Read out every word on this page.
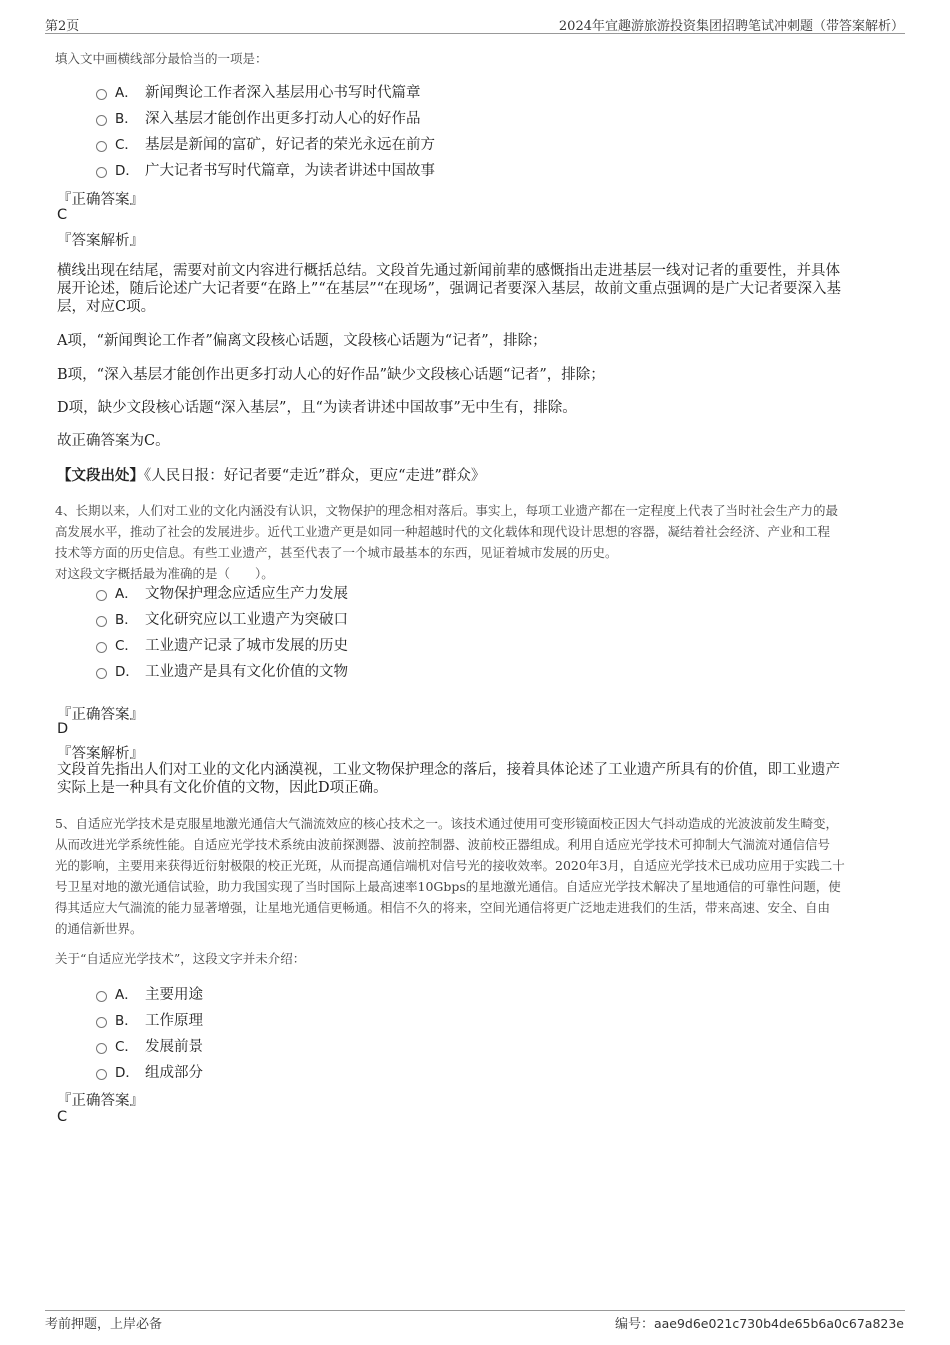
第2页	2024年宜趣游旅游投资集团招聘笔试冲刺题（带答案解析）
填入文中画横线部分最恰当的一项是：
A． 新闻舆论工作者深入基层用心书写时代篇章
B． 深入基层才能创作出更多打动人心的好作品
C． 基层是新闻的富矿，好记者的荣光永远在前方
D． 广大记者书写时代篇章，为读者讲述中国故事
『正确答案』
C
『答案解析』
横线出现在结尾，需要对前文内容进行概括总结。文段首先通过新闻前辈的感慨指出走进基层一线对记者的重要性，并具体
展开论述，随后论述广大记者要“在路上”“在基层”“在现场”，强调记者要深入基层，故前文重点强调的是广大记者要深入基
层，对应C项。
A项，“新闻舆论工作者”偏离文段核心话题，文段核心话题为“记者”，排除；
B项，“深入基层才能创作出更多打动人心的好作品”缺少文段核心话题“记者”，排除；
D项，缺少文段核心话题“深入基层”，且“为读者讲述中国故事”无中生有，排除。
故正确答案为C。
【文段出处】《人民日报：好记者要“走近”群众，更应“走进”群众》
4、长期以来，人们对工业的文化内涵没有认识，文物保护的理念相对落后。事实上，每项工业遗产都在一定程度上代表了当时社会生产力的最
高发展水平，推动了社会的发展进步。近代工业遗产更是如同一种超越时代的文化载体和现代设计思想的容器，凝结着社会经济、产业和工程
技术等方面的历史信息。有些工业遗产，甚至代表了一个城市最基本的东西，见证着城市发展的历史。
对这段文字概括最为准确的是（　　）。
A． 文物保护理念应适应生产力发展
B． 文化研究应以工业遗产为突破口
C． 工业遗产记录了城市发展的历史
D． 工业遗产是具有文化价值的文物
『正确答案』
D
『答案解析』
文段首先指出人们对工业的文化内涵漠视，工业文物保护理念的落后，接着具体论述了工业遗产所具有的价值，即工业遗产
实际上是一种具有文化价值的文物，因此D项正确。
5、自适应光学技术是克服星地激光通信大气湍流效应的核心技术之一。该技术通过使用可变形镜面校正因大气抖动造成的光波波前发生畸变，
从而改进光学系统性能。自适应光学技术系统由波前探测器、波前控制器、波前校正器组成。利用自适应光学技术可抑制大气湍流对通信信号
光的影响，主要用来获得近衍射极限的校正光斑，从而提高通信端机对信号光的接收效率。2020年3月，自适应光学技术已成功应用于实践二十
号卫星对地的激光通信试验，助力我国实现了当时国际上最高速率10Gbps的星地激光通信。自适应光学技术解决了星地通信的可靠性问题，使
得其适应大气湍流的能力显著增强，让星地光通信更畅通。相信不久的将来，空间光通信将更广泛地走进我们的生活，带来高速、安全、自由
的通信新世界。
关于“自适应光学技术”，这段文字并未介绍：
A． 主要用途
B． 工作原理
C． 发展前景
D． 组成部分
『正确答案』
C
考前押题，上岸必备	编号：aae9d6e021c730b4de65b6a0c67a823e
